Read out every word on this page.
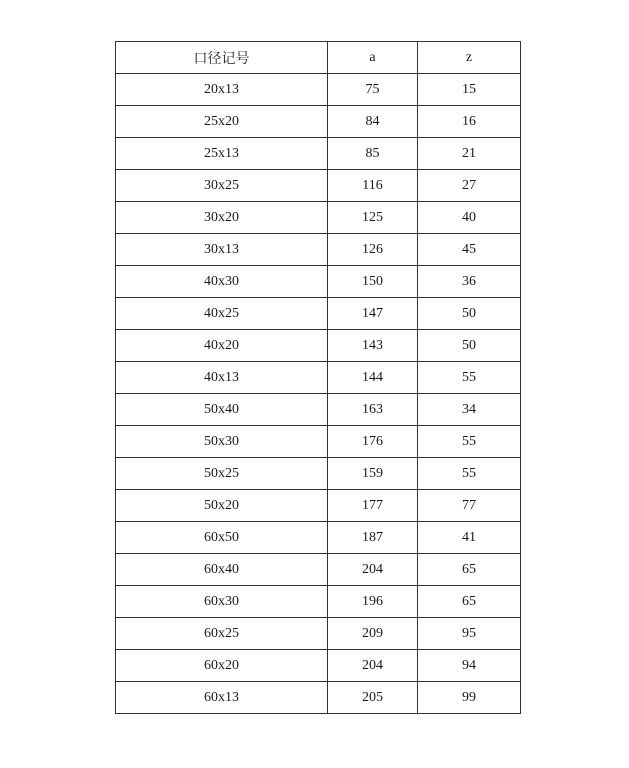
口径记号	a	z
20x13	75	15
25x20	84	16
25x13	85	21
30x25	116	27
30x20	125	40
30x13	126	45
40x30	150	36
40x25	147	50
40x20	143	50
40x13	144	55
50x40	163	34
50x30	176	55
50x25	159	55
50x20	177	77
60x50	187	41
60x40	204	65
60x30	196	65
60x25	209	95
60x20	204	94
60x13	205	99
